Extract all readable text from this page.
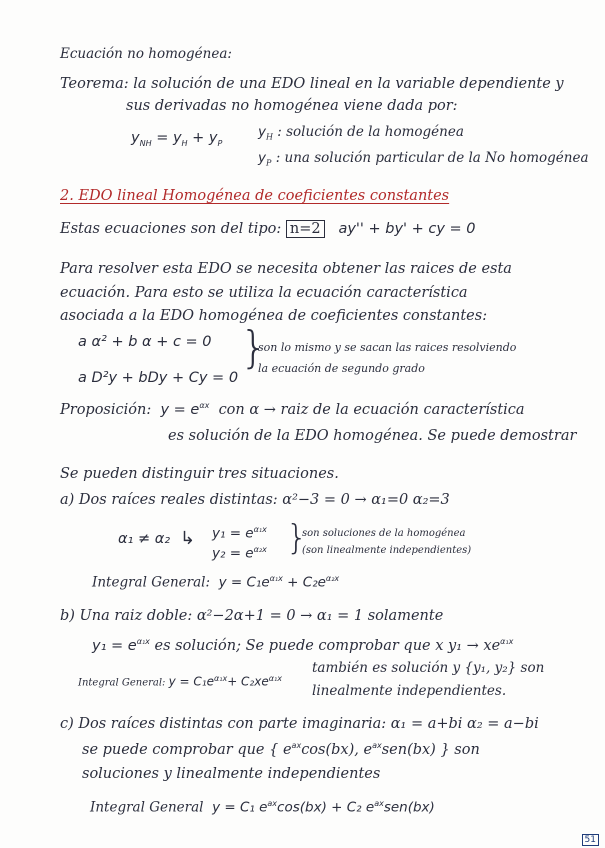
Ecuación no homogénea:
Teorema: la solución de una EDO lineal en la variable dependiente y
sus derivadas no homogénea viene dada por:
$y_{NH} = y_H + y_P$
$y_H$ : solución de la homogénea
$y_P$ : una solución particular de la No homogénea
2. EDO lineal Homogénea de coeficientes constantes
Estas ecuaciones son del tipo: n=2 ay'' + by' + cy = 0
Para resolver esta EDO se necesita obtener las raices de esta
ecuación. Para esto se utiliza la ecuación característica
asociada a la EDO homogénea de coeficientes constantes:
a α² + b α + c = 0
a D²y + bDy + Cy = 0
}
son lo mismo y se sacan las raices resolviendo
la ecuación de segundo grado
Proposición: $y = e^{\alpha x}$ con α → raiz de la ecuación característica
es solución de la EDO homogénea. Se puede demostrar
Se pueden distinguir tres situaciones.
a) Dos raíces reales distintas: α²−3 = 0 → α₁=0 α₂=3
α₁ ≠ α₂ ↳ $y_1 = e^{\alpha_1x}$
$y_2 = e^{\alpha_2x}$ }
son soluciones de la homogénea
(son linealmente independientes)
Integral General: $y = C_1e^{\alpha_1x} + C_2e^{\alpha_2x}$
b) Una raiz doble: α²−2α+1 = 0 → α₁ = 1 solamente
$y_1 = e^{\alpha_1x}$ es solución; Se puede comprobar que x $y_1 \to xe^{\alpha_1x}$
Integral General: $y = C_1e^{\alpha_1x}+ C_2xe^{\alpha_1x}$
también es solución y {y₁, y₂} son
linealmente independientes.
c) Dos raíces distintas con parte imaginaria: α₁ = a+bi α₂ = a−bi
se puede comprobar que { $e^{ax}\cos(bx)$, $e^{ax}sen(bx)$ } son
soluciones y linealmente independientes
Integral General y = C₁ $e^{ax}\cos(bx) + C_2$ $e^{ax}sen(bx)$
51
